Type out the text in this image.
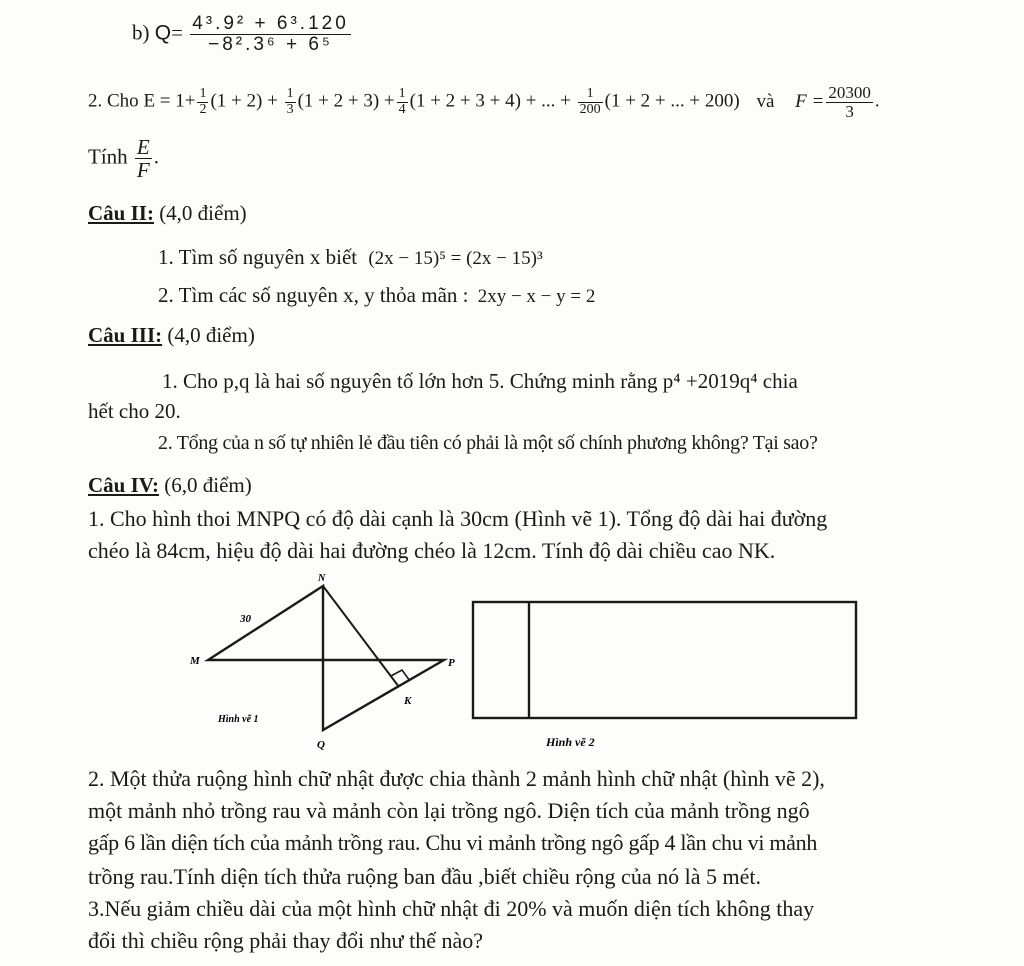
b) $Q= \frac{\text{4³.9² + 6³.120}}{\text{−8².3⁶ + 6⁵}}$
2. Cho $E = 1+ \frac{1}{2} (1 + 2) + \frac{1}{3} (1 + 2 + 3) + \frac{1}{4} (1 + 2 + 3 + 4)$ + ... + $\frac{1}{200} (1 + 2$ + ... + 200) và $F = \frac{20300}{3}$ .
Tính $\frac{E}{F}$ .
Câu II: (4,0 điểm)
1. Tìm số nguyên x biết (2x − 15)⁵ = (2x − 15)³
2. Tìm các số nguyên x, y thỏa mãn : 2xy − x − y = 2
Câu III: (4,0 điểm)
1. Cho p,q là hai số nguyên tố lớn hơn 5. Chứng minh rằng p⁴ +2019q⁴ chia
hết cho 20.
2. Tổng của n số tự nhiên lẻ đầu tiên có phải là một số chính phương không? Tại sao?
Câu IV: (6,0 điểm)
1. Cho hình thoi MNPQ có độ dài cạnh là 30cm (Hình vẽ 1). Tổng độ dài hai đường
chéo là 84cm, hiệu độ dài hai đường chéo là 12cm. Tính độ dài chiều cao NK.
N
M	P
Q
K
30
Hình vẽ 1
Hình vẽ 2
2. Một thửa ruộng hình chữ nhật được chia thành 2 mảnh hình chữ nhật (hình vẽ 2),
một mảnh nhỏ trồng rau và mảnh còn lại trồng ngô. Diện tích của mảnh trồng ngô
gấp 6 lần diện tích của mảnh trồng rau. Chu vi mảnh trồng ngô gấp 4 lần chu vi mảnh
trồng rau.Tính diện tích thửa ruộng ban đầu ,biết chiều rộng của nó là 5 mét.
3.Nếu giảm chiều dài của một hình chữ nhật đi 20% và muốn diện tích không thay
đổi thì chiều rộng phải thay đổi như thế nào?
